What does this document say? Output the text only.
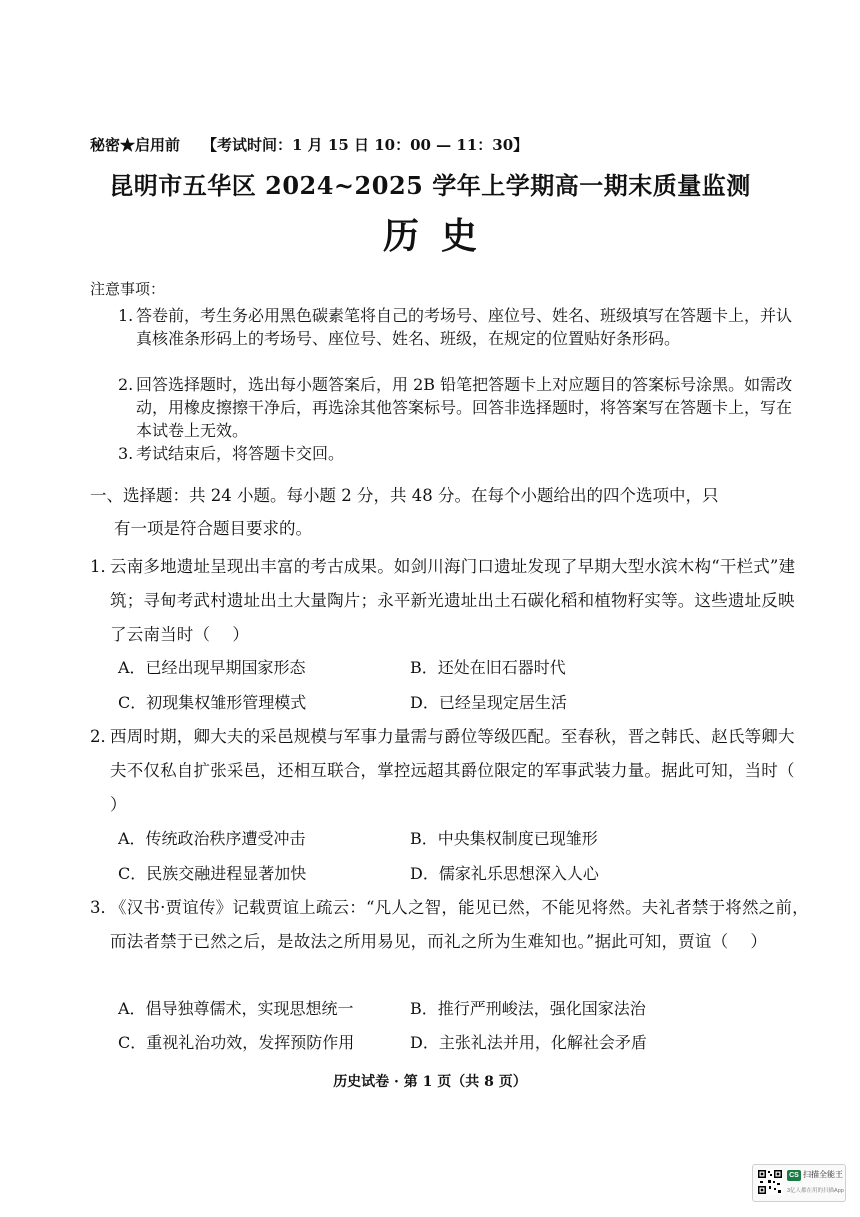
秘密★启用前 【考试时间：1 月 15 日 10：00 — 11：30】
昆明市五华区 2024~2025 学年上学期高一期末质量监测
历史
注意事项：
1. 答卷前，考生务必用黑色碳素笔将自己的考场号、座位号、姓名、班级填写在答题卡上，并认真核准条形码上的考场号、座位号、姓名、班级，在规定的位置贴好条形码。
2. 回答选择题时，选出每小题答案后，用 2B 铅笔把答题卡上对应题目的答案标号涂黑。如需改动，用橡皮擦擦干净后，再选涂其他答案标号。回答非选择题时，将答案写在答题卡上，写在本试卷上无效。
3. 考试结束后，将答题卡交回。
一、选择题：共 24 小题。每小题 2 分，共 48 分。在每个小题给出的四个选项中，只
有一项是符合题目要求的。
1．
云南多地遗址呈现出丰富的考古成果。如剑川海门口遗址发现了早期大型水滨木构“干栏式”建筑；寻甸考武村遗址出土大量陶片；永平新光遗址出土石碳化稻和植物籽实等。这些遗址反映了云南当时（　 ）
A．已经出现早期国家形态	B．还处在旧石器时代
C．初现集权雏形管理模式	D．已经呈现定居生活
2．
西周时期，卿大夫的采邑规模与军事力量需与爵位等级匹配。至春秋，晋之韩氏、赵氏等卿大夫不仅私自扩张采邑，还相互联合，掌控远超其爵位限定的军事武装力量。据此可知，当时（　 ）
A．传统政治秩序遭受冲击	B．中央集权制度已现雏形
C．民族交融进程显著加快	D．儒家礼乐思想深入人心
3．
《汉书·贾谊传》记载贾谊上疏云：“凡人之智，能见已然，不能见将然。夫礼者禁于将然之前，而法者禁于已然之后，是故法之所用易见，而礼之所为生难知也。”据此可知，贾谊（　 ）
A．倡导独尊儒术，实现思想统一	B．推行严刑峻法，强化国家法治
C．重视礼治功效，发挥预防作用	D．主张礼法并用，化解社会矛盾
历史试卷 · 第 1 页（共 8 页）
CS 扫描全能王
3亿人都在用的扫描App
